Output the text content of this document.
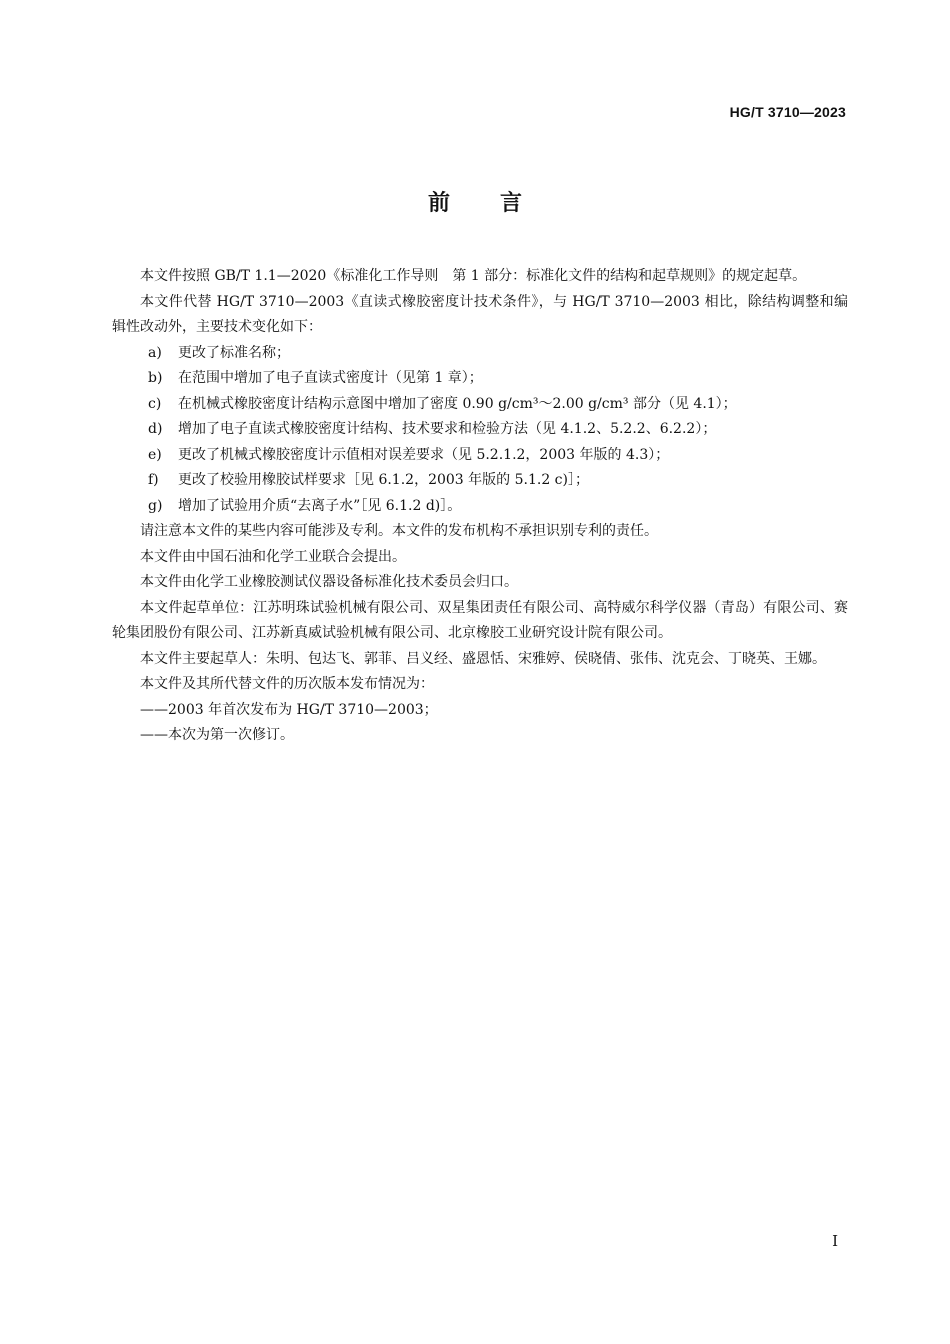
HG/T 3710—2023
前言

本文件按照 GB/T 1.1—2020《标准化工作导则　第 1 部分：标准化文件的结构和起草规则》的规定起草。

本文件代替 HG/T 3710—2003《直读式橡胶密度计技术条件》，与 HG/T 3710—2003 相比，除结构调整和编辑性改动外，主要技术变化如下：

a)	更改了标准名称；
b)	在范围中增加了电子直读式密度计（见第 1 章）；
c)	在机械式橡胶密度计结构示意图中增加了密度 0.90 g/cm³～2.00 g/cm³ 部分（见 4.1）；
d)	增加了电子直读式橡胶密度计结构、技术要求和检验方法（见 4.1.2、5.2.2、6.2.2）；
e)	更改了机械式橡胶密度计示值相对误差要求（见 5.2.1.2，2003 年版的 4.3）；
f)	更改了校验用橡胶试样要求［见 6.1.2，2003 年版的 5.1.2 c)］；
g)	增加了试验用介质“去离子水”［见 6.1.2 d)］。

请注意本文件的某些内容可能涉及专利。本文件的发布机构不承担识别专利的责任。

本文件由中国石油和化学工业联合会提出。

本文件由化学工业橡胶测试仪器设备标准化技术委员会归口。

本文件起草单位：江苏明珠试验机械有限公司、双星集团责任有限公司、高特威尔科学仪器（青岛）有限公司、赛轮集团股份有限公司、江苏新真威试验机械有限公司、北京橡胶工业研究设计院有限公司。

本文件主要起草人：朱明、包达飞、郭菲、吕义经、盛恩恬、宋雅婷、侯晓倩、张伟、沈克会、丁晓英、王娜。

本文件及其所代替文件的历次版本发布情况为：

——2003 年首次发布为 HG/T 3710—2003；

——本次为第一次修订。

I
